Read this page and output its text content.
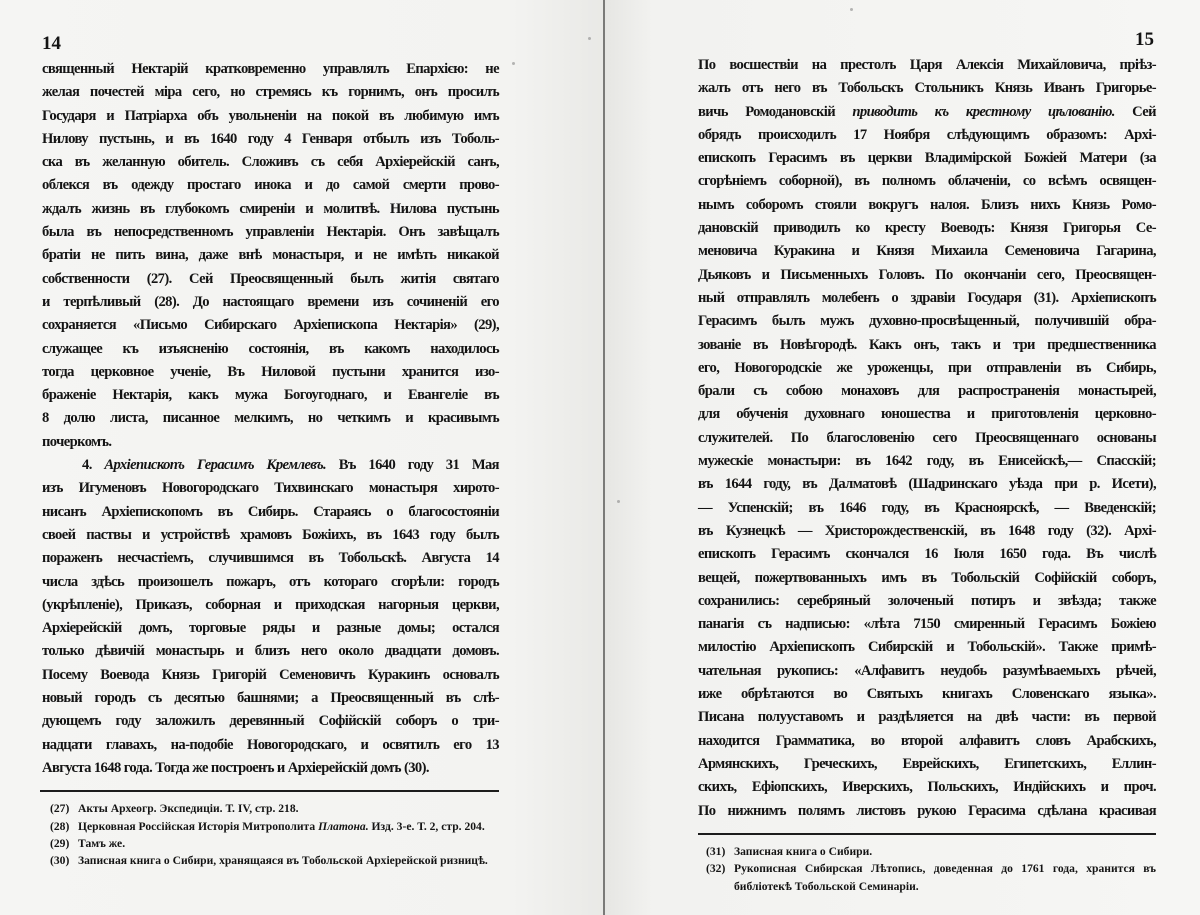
14
священный Нектарій кратковременно управлялъ Епархією: не
желая почестей міра сего, но стремясь къ горнимъ, онъ просилъ
Государя и Патріарха объ увольненіи на покой въ любимую имъ
Нилову пустынь, и въ 1640 году 4 Генваря отбылъ изъ Тоболь-
ска въ желанную обитель. Сложивъ съ себя Архіерейскій санъ,
облекся въ одежду простаго инока и до самой смерти прово-
ждалъ жизнь въ глубокомъ смиреніи и молитвѣ. Нилова пустынь
была въ непосредственномъ управленіи Нектарія. Онъ завѣщалъ
братіи не пить вина, даже внѣ монастыря, и не имѣть никакой
собственности (27). Сей Преосвященный былъ житія святаго
и терпѣливый (28). До настоящаго времени изъ сочиненій его
сохраняется «Письмо Сибирскаго Архіепископа Нектарія» (29),
служащее къ изъясненію состоянія, въ какомъ находилось
тогда церковное ученіе, Въ Ниловой пустыни хранится изо-
браженіе Нектарія, какъ мужа Богоугоднаго, и Евангеліе въ
8 долю листа, писанное мелкимъ, но четкимъ и красивымъ
почеркомъ.
4. Архіепископъ Герасимъ Кремлевъ. Въ 1640 году 31 Мая
изъ Игуменовъ Новогородскаго Тихвинскаго монастыря хирото-
нисанъ Архіепископомъ въ Сибирь. Стараясь о благосостояніи
своей паствы и устройствѣ храмовъ Божіихъ, въ 1643 году былъ
пораженъ несчастіемъ, случившимся въ Тобольскѣ. Августа 14
числа здѣсь произошелъ пожаръ, отъ котораго сгорѣли: городъ
(укрѣпленіе), Приказъ, соборная и приходская нагорныя церкви,
Архіерейскій домъ, торговые ряды и разные домы; остался
только дѣвичій монастырь и близъ него около двадцати домовъ.
Посему Воевода Князь Григорій Семеновичъ Куракинъ основалъ
новый городъ съ десятью башнями; а Преосвященный въ слѣ-
дующемъ году заложилъ деревянный Софійскій соборъ о три-
надцати главахъ, на-подобіе Новогородскаго, и освятилъ его 13
Августа 1648 года. Тогда же построенъ и Архіерейскій домъ (30).
(27) Акты Археогр. Экспедиціи. Т. IV, стр. 218.
(28) Церковная Россійская Исторія Митрополита Платона. Изд. 3-е. Т. 2, стр. 204.
(29) Тамъ же.
(30) Записная книга о Сибири, хранящаяся въ Тобольской Архіерейской ризницѣ.
15
По восшествіи на престолъ Царя Алексія Михайловича, пріѣз-
жалъ отъ него въ Тобольскъ Стольникъ Князь Иванъ Григорье-
вичь Ромодановскій приводить къ крестному цѣлованію. Сей
обрядъ происходилъ 17 Ноября слѣдующимъ образомъ: Архі-
епископъ Герасимъ въ церкви Владимірской Божіей Матери (за
сгорѣніемъ соборной), въ полномъ облаченіи, со всѣмъ освящен-
нымъ соборомъ стояли вокругъ налоя. Близъ нихъ Князь Ромо-
дановскій приводилъ ко кресту Воеводъ: Князя Григорья Се-
меновича Куракина и Князя Михаила Семеновича Гагарина,
Дьяковъ и Письменныхъ Головъ. По окончаніи сего, Преосвящен-
ный отправлялъ молебенъ о здравіи Государя (31). Архіепископъ
Герасимъ былъ мужъ духовно-просвѣщенный, получившій обра-
зованіе въ Новѣгородѣ. Какъ онъ, такъ и три предшественника
его, Новогородскіе же уроженцы, при отправленіи въ Сибирь,
брали съ собою монаховъ для распространенія монастырей,
для обученія духовнаго юношества и приготовленія церковно-
служителей. По благословенію сего Преосвященнаго основаны
мужескіе монастыри: въ 1642 году, въ Енисейскѣ,— Спасскій;
въ 1644 году, въ Далматовѣ (Шадринскаго уѣзда при р. Исети),
— Успенскій; въ 1646 году, въ Красноярскѣ, — Введенскій;
въ Кузнецкѣ — Христорождественскій, въ 1648 году (32). Архі-
епископъ Герасимъ скончался 16 Іюля 1650 года. Въ числѣ
вещей, пожертвованныхъ имъ въ Тобольскій Софійскій соборъ,
сохранились: серебряный золоченый потиръ и звѣзда; также
панагія съ надписью: «лѣта 7150 смиренный Герасимъ Божіею
милостію Архіепископъ Сибирскій и Тобольскій». Также примѣ-
чательная рукопись: «Алфавитъ неудобь разумѣваемыхъ рѣчей,
иже обрѣтаются во Святыхъ книгахъ Словенскаго языка».
Писана полууставомъ и раздѣляется на двѣ части: въ первой
находится Грамматика, во второй алфавитъ словъ Арабскихъ,
Армянскихъ, Греческихъ, Еврейскихъ, Египетскихъ, Еллин-
скихъ, Ефіопскихъ, Иверскихъ, Польскихъ, Индійскихъ и проч.
По нижнимъ полямъ листовъ рукою Герасима сдѣлана красивая
(31) Записная книга о Сибири.
(32) Рукописная Сибирская Лѣтопись, доведенная до 1761 года, хранится въ библіотекѣ Тобольской Семинаріи.
